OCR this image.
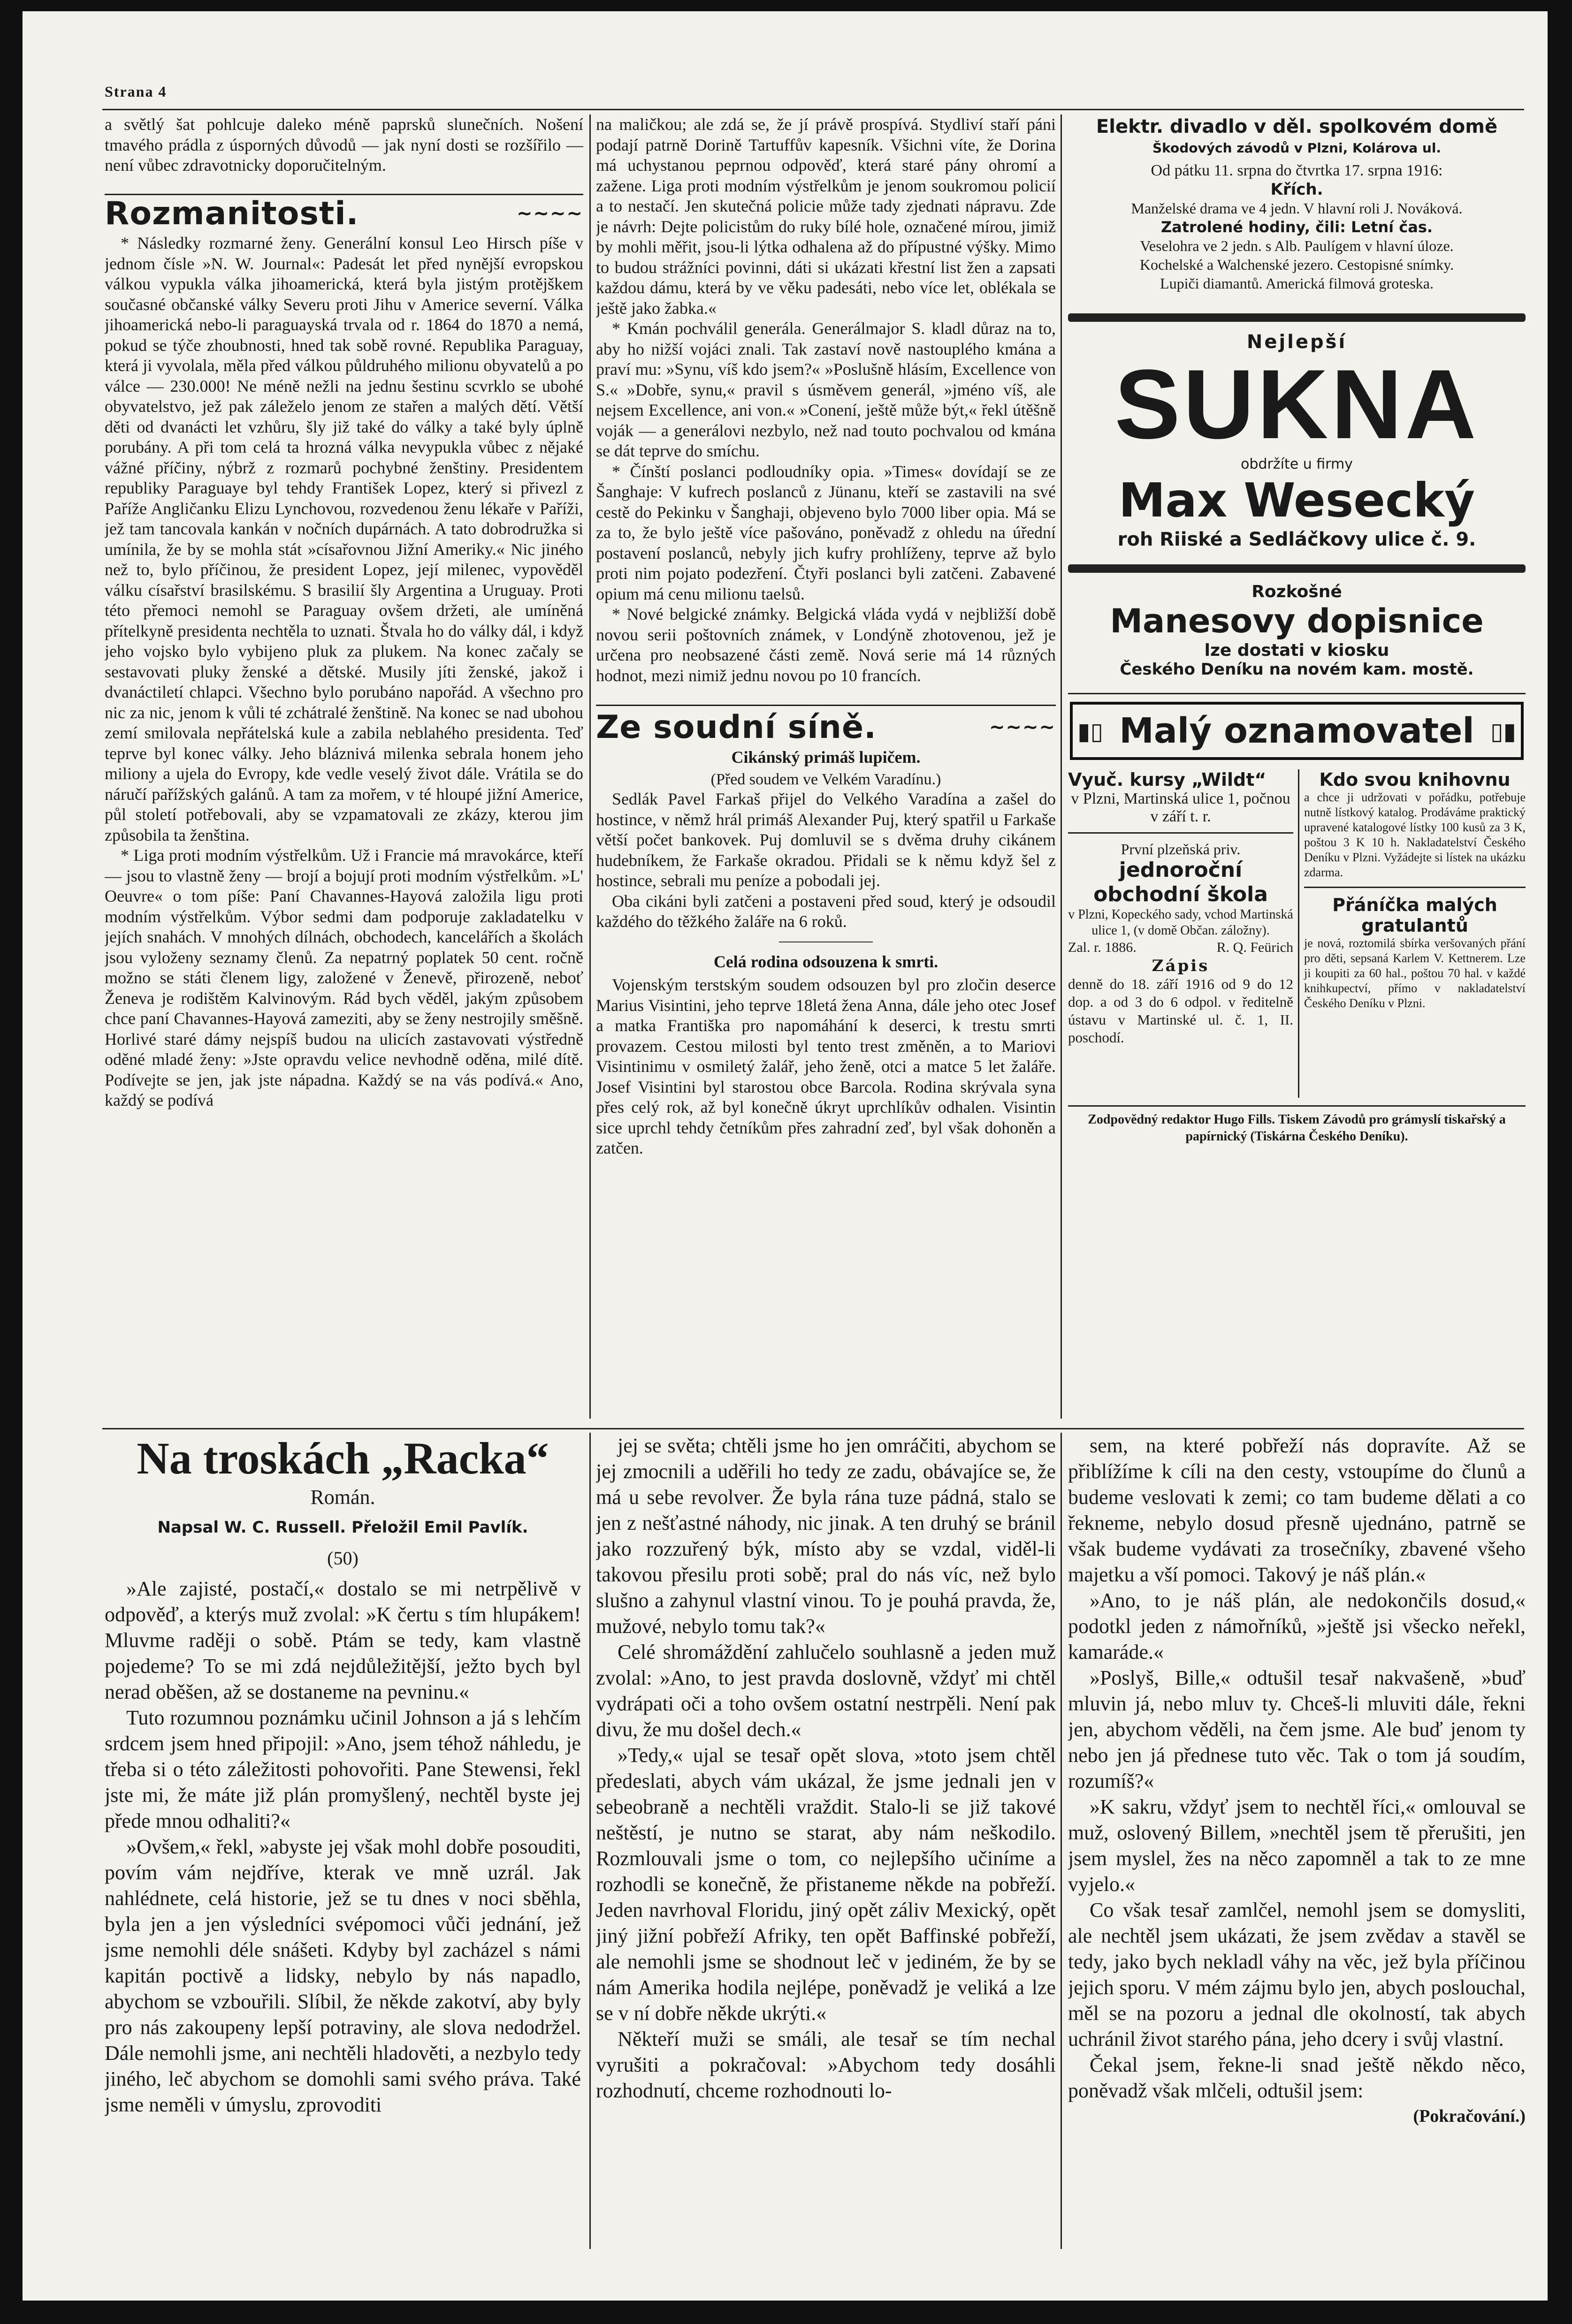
Strana 4

a světlý šat pohlcuje daleko méně paprsků slunečních. Nošení tmavého prádla z úsporných důvodů — jak nyní dosti se rozšířilo — není vůbec zdravotnicky doporučitelným.

Rozmanitosti.	~~~~

* Následky rozmarné ženy. Generální konsul Leo Hirsch píše v jednom čísle »N. W. Journal«: Padesát let před nynější evropskou válkou vypukla válka jihoamerická, která byla jistým protějškem současné občanské války Severu proti Jihu v Americe severní. Válka jihoamerická nebo-li paraguayská trvala od r. 1864 do 1870 a nemá, pokud se týče zhoubnosti, hned tak sobě rovné. Republika Paraguay, která ji vyvolala, měla před válkou půldruhého milionu obyvatelů a po válce — 230.000! Ne méně nežli na jednu šestinu scvrklo se ubohé obyvatelstvo, jež pak záleželo jenom ze stařen a malých dětí. Větší děti od dvanácti let vzhůru, šly již také do války a také byly úplně porubány. A při tom celá ta hrozná válka nevypukla vůbec z nějaké vážné příčiny, nýbrž z rozmarů pochybné ženštiny. Presidentem republiky Paraguaye byl tehdy František Lopez, který si přivezl z Paříže Angličanku Elizu Lynchovou, rozvedenou ženu lékaře v Paříži, jež tam tancovala kankán v nočních dupárnách. A tato dobrodružka si umínila, že by se mohla stát »císařovnou Jižní Ameriky.« Nic jiného než to, bylo příčinou, že president Lopez, její milenec, vypověděl válku císařství brasilskému. S brasilií šly Argentina a Uruguay. Proti této přemoci nemohl se Paraguay ovšem držeti, ale umíněná přítelkyně presidenta nechtěla to uznati. Štvala ho do války dál, i když jeho vojsko bylo vybijeno pluk za plukem. Na konec začaly se sestavovati pluky ženské a dětské. Musily jíti ženské, jakož i dvanáctiletí chlapci. Všechno bylo porubáno napořád. A všechno pro nic za nic, jenom k vůli té zchátralé ženštině. Na konec se nad ubohou zemí smilovala nepřátelská kule a zabila neblahého presidenta. Teď teprve byl konec války. Jeho bláznivá milenka sebrala honem jeho miliony a ujela do Evropy, kde vedle veselý život dále. Vrátila se do náručí pařížských galánů. A tam za mořem, v té hloupé jižní Americe, půl století potřebovali, aby se vzpamatovali ze zkázy, kterou jim způsobila ta ženština.

* Liga proti modním výstřelkům. Už i Francie má mravokárce, kteří — jsou to vlastně ženy — brojí a bojují proti modním výstřelkům. »L' Oeuvre« o tom píše: Paní Chavannes-Hayová založila ligu proti modním výstřelkům. Výbor sedmi dam podporuje zakladatelku v jejích snahách. V mnohých dílnách, obchodech, kancelářích a školách jsou vyloženy seznamy členů. Za nepatrný poplatek 50 cent. ročně možno se státi členem ligy, založené v Ženevě, přirozeně, neboť Ženeva je rodištěm Kalvinovým. Rád bych věděl, jakým způsobem chce paní Chavannes-Hayová zameziti, aby se ženy nestrojily směšně. Horlivé staré dámy nejspíš budou na ulicích zastavovati výstředně oděné mladé ženy: »Jste opravdu velice nevhodně oděna, milé dítě. Podívejte se jen, jak jste nápadna. Každý se na vás podívá.« Ano, každý se podívá

na maličkou; ale zdá se, že jí právě prospívá. Stydliví staří páni podají patrně Dorině Tartuffův kapesník. Všichni víte, že Dorina má uchystanou peprnou odpověď, která staré pány ohromí a zažene. Liga proti modním výstřelkům je jenom soukromou policií a to nestačí. Jen skutečná policie může tady zjednati nápravu. Zde je návrh: Dejte policistům do ruky bílé hole, označené mírou, jimiž by mohli měřit, jsou-li lýtka odhalena až do přípustné výšky. Mimo to budou strážníci povinni, dáti si ukázati křestní list žen a zapsati každou dámu, která by ve věku padesáti, nebo více let, oblékala se ještě jako žabka.«

* Kmán pochválil generála. Generálmajor S. kladl důraz na to, aby ho nižší vojáci znali. Tak zastaví nově nastouplého kmána a praví mu: »Synu, víš kdo jsem?« »Poslušně hlásím, Excellence von S.« »Dobře, synu,« pravil s úsměvem generál, »jméno víš, ale nejsem Excellence, ani von.« »Conení, ještě může být,« řekl útěšně voják — a generálovi nezbylo, než nad touto pochvalou od kmána se dát teprve do smíchu.

* Čínští poslanci podloudníky opia. »Times« dovídají se ze Šanghaje: V kufrech poslanců z Jünanu, kteří se zastavili na své cestě do Pekinku v Šanghaji, objeveno bylo 7000 liber opia. Má se za to, že bylo ještě více pašováno, poněvadž z ohledu na úřední postavení poslanců, nebyly jich kufry prohlíženy, teprve až bylo proti nim pojato podezření. Čtyři poslanci byli zatčeni. Zabavené opium má cenu milionu taelsů.

* Nové belgické známky. Belgická vláda vydá v nejbližší době novou serii poštovních známek, v Londýně zhotovenou, jež je určena pro neobsazené části země. Nová serie má 14 různých hodnot, mezi nimiž jednu novou po 10 francích.

Ze soudní síně.	~~~~
Cikánský primáš lupičem.
(Před soudem ve Velkém Varadínu.)

Sedlák Pavel Farkaš přijel do Velkého Varadína a zašel do hostince, v němž hrál primáš Alexander Puj, který spatřil u Farkaše větší počet bankovek. Puj domluvil se s dvěma druhy cikánem hudebníkem, že Farkaše okradou. Přidali se k němu když šel z hostince, sebrali mu peníze a pobodali jej.

Oba cikáni byli zatčeni a postaveni před soud, který je odsoudil každého do těžkého žaláře na 6 roků.

Celá rodina odsouzena k smrti.

Vojenským terstským soudem odsouzen byl pro zločin deserce Marius Visintini, jeho teprve 18letá žena Anna, dále jeho otec Josef a matka Františka pro napomáhání k deserci, k trestu smrti provazem. Cestou milosti byl tento trest změněn, a to Mariovi Visintinimu v osmiletý žalář, jeho ženě, otci a matce 5 let žaláře. Josef Visintini byl starostou obce Barcola. Rodina skrývala syna přes celý rok, až byl konečně úkryt uprchlíkův odhalen. Visintin sice uprchl tehdy četníkům přes zahradní zeď, byl však dohoněn a zatčen.

Elektr. divadlo v děl. spolkovém domě
Škodových závodů v Plzni, Kolárova ul.
Od pátku 11. srpna do čtvrtka 17. srpna 1916:
Křích.
Manželské drama ve 4 jedn. V hlavní roli J. Nováková.
Zatrolené hodiny, čili: Letní čas.
Veselohra ve 2 jedn. s Alb. Paulígem v hlavní úloze.
Kochelské a Walchenské jezero. Cestopisné snímky.
Lupiči diamantů. Americká filmová groteska.
Nejlepší
SUKNA
obdržíte u firmy
Max Wesecký
roh Riiské a Sedláčkovy ulice č. 9.
Rozkošné
Manesovy dopisnice
lze dostati v kiosku
Českého Deníku na novém kam. mostě.
▮▯ Malý oznamovatel ▯▮
Vyuč. kursy „Wildt“
v Plzni, Martinská ulice 1, počnou v září t. r.
První plzeňská priv.
jednoroční obchodní škola
v Plzni, Kopeckého sady, vchod Martinská ulice 1, (v domě Občan. záložny).
Zal. r. 1886.	R. Q. Feürich
Zápis
denně do 18. září 1916 od 9 do 12 dop. a od 3 do 6 odpol. v ředitelně ústavu v Martinské ul. č. 1, II. poschodí.
Kdo svou knihovnu
a chce ji udržovati v pořádku, potřebuje nutně lístkový katalog. Prodáváme praktický upravené katalogové lístky 100 kusů za 3 K, poštou 3 K 10 h. Nakladatelství Českého Deníku v Plzni. Vyžádejte si lístek na ukázku zdarma.
Přáníčka malých gratulantů
je nová, roztomilá sbírka veršovaných přání pro děti, sepsaná Karlem V. Kettnerem. Lze ji koupiti za 60 hal., poštou 70 hal. v každé knihkupectví, přímo v nakladatelství Českého Deníku v Plzni.
Zodpovědný redaktor Hugo Fills. Tiskem Závodů pro grámyslí tiskařský a papírnický (Tiskárna Českého Deníku).
Na troskách „Racka“
Román.
Napsal W. C. Russell. Přeložil Emil Pavlík.
(50)

»Ale zajisté, postačí,« dostalo se mi netrpělivě v odpověď, a kterýs muž zvolal: »K čertu s tím hlupákem! Mluvme raději o sobě. Ptám se tedy, kam vlastně pojedeme? To se mi zdá nejdůležitější, ježto bych byl nerad oběšen, až se dostaneme na pevninu.«

Tuto rozumnou poznámku učinil Johnson a já s lehčím srdcem jsem hned připojil: »Ano, jsem téhož náhledu, je třeba si o této záležitosti pohovořiti. Pane Stewensi, řekl jste mi, že máte již plán promyšlený, nechtěl byste jej přede mnou odhaliti?«

»Ovšem,« řekl, »abyste jej však mohl dobře posouditi, povím vám nejdříve, kterak ve mně uzrál. Jak nahlédnete, celá historie, jež se tu dnes v noci sběhla, byla jen a jen výsledníci svépomoci vůči jednání, jež jsme nemohli déle snášeti. Kdyby byl zacházel s námi kapitán poctivě a lidsky, nebylo by nás napadlo, abychom se vzbouřili. Slíbil, že někde zakotví, aby byly pro nás zakoupeny lepší potraviny, ale slova nedodržel. Dále nemohli jsme, ani nechtěli hladověti, a nezbylo tedy jiného, leč abychom se domohli sami svého práva. Také jsme neměli v úmyslu, zprovoditi

jej se světa; chtěli jsme ho jen omráčiti, abychom se jej zmocnili a uděřili ho tedy ze zadu, obávajíce se, že má u sebe revolver. Že byla rána tuze pádná, stalo se jen z nešťastné náhody, nic jinak. A ten druhý se bránil jako rozzuřený býk, místo aby se vzdal, viděl-li takovou přesilu proti sobě; pral do nás víc, než bylo slušno a zahynul vlastní vinou. To je pouhá pravda, že, mužové, nebylo tomu tak?«

Celé shromáždění zahlučelo souhlasně a jeden muž zvolal: »Ano, to jest pravda doslovně, vždyť mi chtěl vydrápati oči a toho ovšem ostatní nestrpěli. Není pak divu, že mu došel dech.«

»Tedy,« ujal se tesař opět slova, »toto jsem chtěl předeslati, abych vám ukázal, že jsme jednali jen v sebeobraně a nechtěli vraždit. Stalo-li se již takové neštěstí, je nutno se starat, aby nám neškodilo. Rozmlouvali jsme o tom, co nejlepšího učiníme a rozhodli se konečně, že přistaneme někde na pobřeží. Jeden navrhoval Floridu, jiný opět záliv Mexický, opět jiný jižní pobřeží Afriky, ten opět Baffinské pobřeží, ale nemohli jsme se shodnout leč v jediném, že by se nám Amerika hodila nejlépe, poněvadž je veliká a lze se v ní dobře někde ukrýti.«

Někteří muži se smáli, ale tesař se tím nechal vyrušiti a pokračoval: »Abychom tedy dosáhli rozhodnutí, chceme rozhodnouti lo-

sem, na které pobřeží nás dopravíte. Až se přiblížíme k cíli na den cesty, vstoupíme do člunů a budeme veslovati k zemi; co tam budeme dělati a co řekneme, nebylo dosud přesně ujednáno, patrně se však budeme vydávati za trosečníky, zbavené všeho majetku a vší pomoci. Takový je náš plán.«

»Ano, to je náš plán, ale nedokončils dosud,« podotkl jeden z námořníků, »ještě jsi všecko neřekl, kamaráde.«

»Poslyš, Bille,« odtušil tesař nakvašeně, »buď mluvin já, nebo mluv ty. Chceš-li mluviti dále, řekni jen, abychom věděli, na čem jsme. Ale buď jenom ty nebo jen já přednese tuto věc. Tak o tom já soudím, rozumíš?«

»K sakru, vždyť jsem to nechtěl říci,« omlouval se muž, oslovený Billem, »nechtěl jsem tě přerušiti, jen jsem myslel, žes na něco zapomněl a tak to ze mne vyjelo.«

Co však tesař zamlčel, nemohl jsem se domysliti, ale nechtěl jsem ukázati, že jsem zvědav a stavěl se tedy, jako bych nekladl váhy na věc, jež byla příčinou jejich sporu. V mém zájmu bylo jen, abych poslouchal, měl se na pozoru a jednal dle okolností, tak abych uchránil život starého pána, jeho dcery i svůj vlastní.

Čekal jsem, řekne-li snad ještě někdo něco, poněvadž však mlčeli, odtušil jsem:

(Pokračování.)
